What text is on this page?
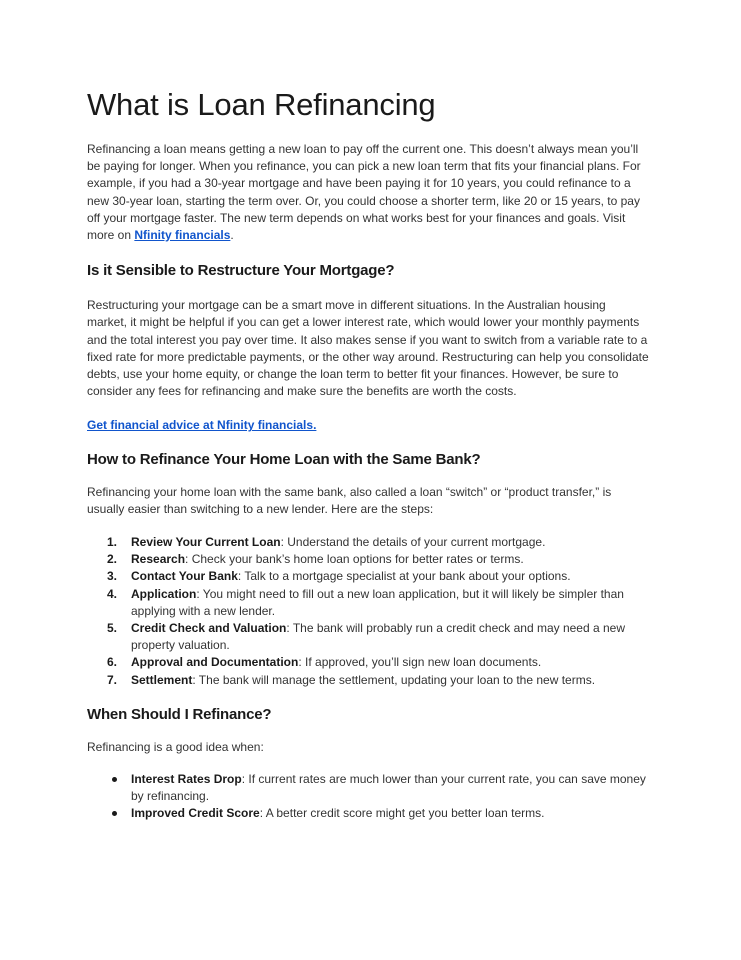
What is Loan Refinancing

Refinancing a loan means getting a new loan to pay off the current one. This doesn’t always mean you’ll be paying for longer. When you refinance, you can pick a new loan term that fits your financial plans. For example, if you had a 30-year mortgage and have been paying it for 10 years, you could refinance to a new 30-year loan, starting the term over. Or, you could choose a shorter term, like 20 or 15 years, to pay off your mortgage faster. The new term depends on what works best for your finances and goals. Visit more on Nfinity financials.

Is it Sensible to Restructure Your Mortgage?

Restructuring your mortgage can be a smart move in different situations. In the Australian housing market, it might be helpful if you can get a lower interest rate, which would lower your monthly payments and the total interest you pay over time. It also makes sense if you want to switch from a variable rate to a fixed rate for more predictable payments, or the other way around. Restructuring can help you consolidate debts, use your home equity, or change the loan term to better fit your finances. However, be sure to consider any fees for refinancing and make sure the benefits are worth the costs.

Get financial advice at Nfinity financials.

How to Refinance Your Home Loan with the Same Bank?

Refinancing your home loan with the same bank, also called a loan “switch” or “product transfer,” is usually easier than switching to a new lender. Here are the steps:

1. Review Your Current Loan: Understand the details of your current mortgage.
2. Research: Check your bank’s home loan options for better rates or terms.
3. Contact Your Bank: Talk to a mortgage specialist at your bank about your options.
4. Application: You might need to fill out a new loan application, but it will likely be simpler than applying with a new lender.
5. Credit Check and Valuation: The bank will probably run a credit check and may need a new property valuation.
6. Approval and Documentation: If approved, you’ll sign new loan documents.
7. Settlement: The bank will manage the settlement, updating your loan to the new terms.
When Should I Refinance?

Refinancing is a good idea when:

Interest Rates Drop: If current rates are much lower than your current rate, you can save money by refinancing.
Improved Credit Score: A better credit score might get you better loan terms.
